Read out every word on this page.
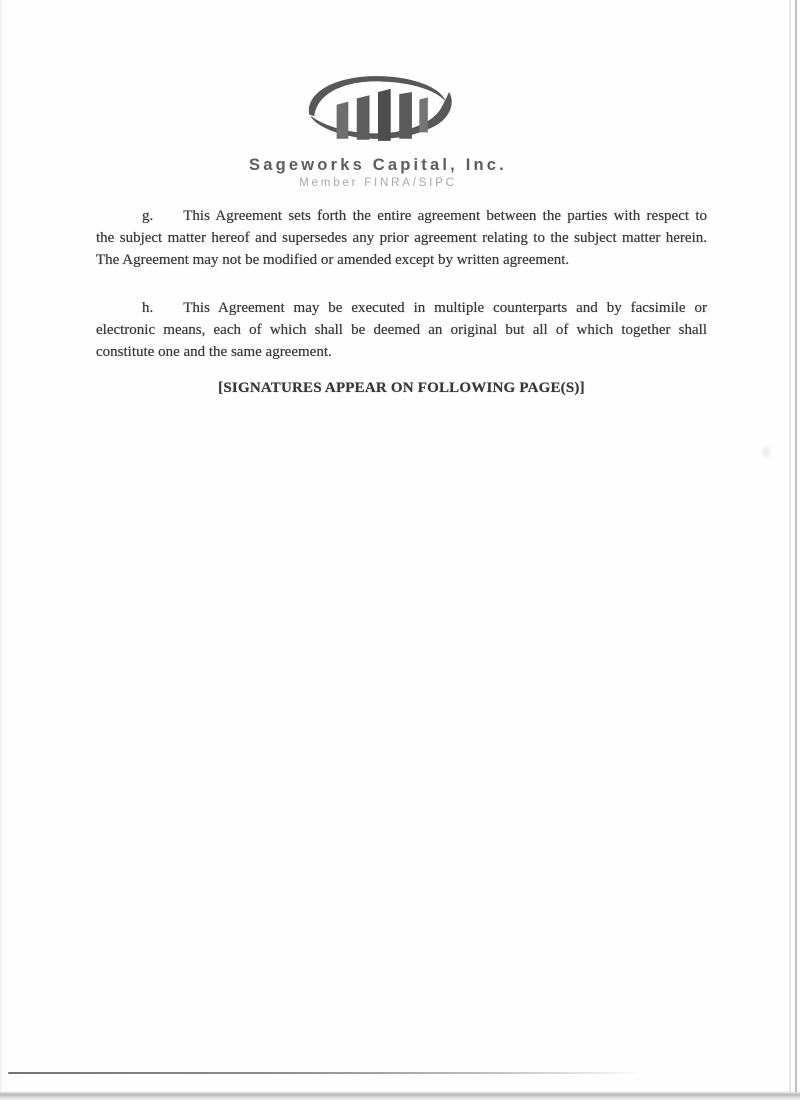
Sageworks Capital, Inc.
Member FINRA/SIPC
g. This Agreement sets forth the entire agreement between the parties with respect to
the subject matter hereof and supersedes any prior agreement relating to the subject matter herein.
The Agreement may not be modified or amended except by written agreement.
h. This Agreement may be executed in multiple counterparts and by facsimile or
electronic means, each of which shall be deemed an original but all of which together shall
constitute one and the same agreement.
[SIGNATURES APPEAR ON FOLLOWING PAGE(S)]
